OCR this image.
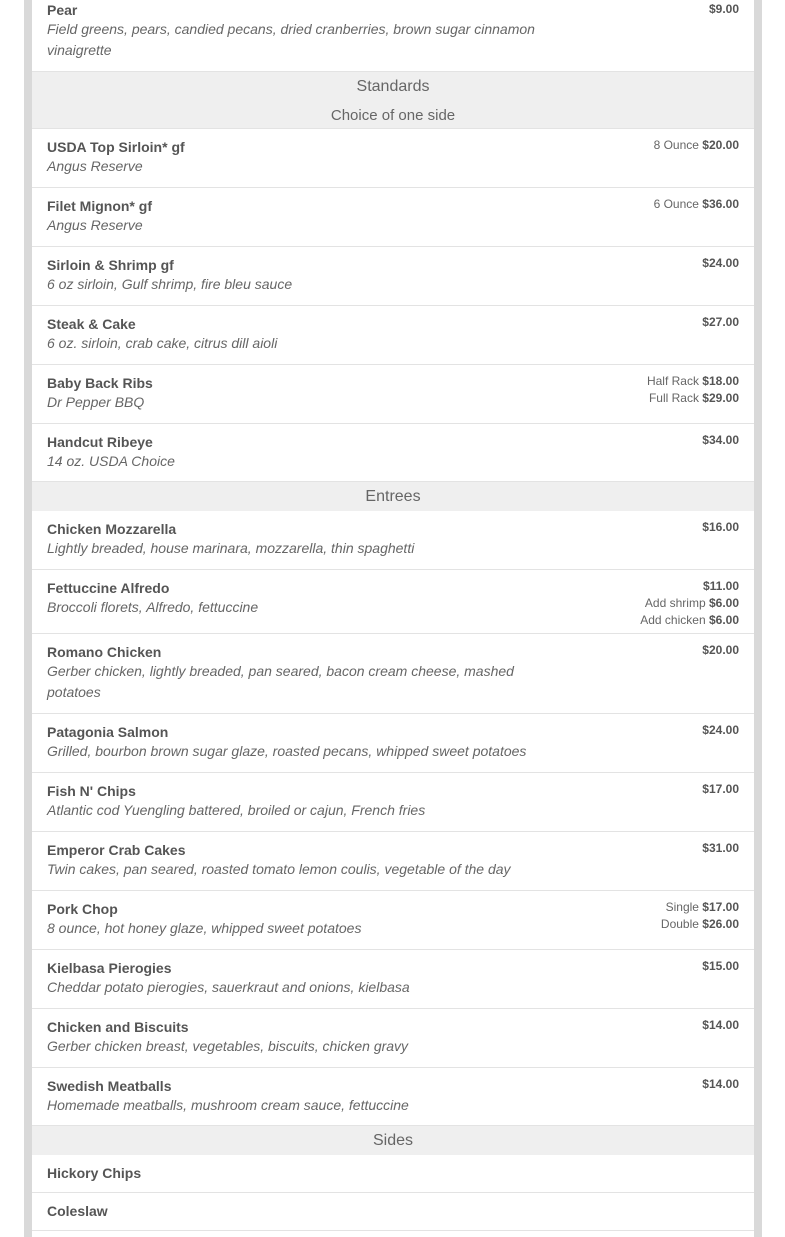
Pear
Field greens, pears, candied pecans, dried cranberries, brown sugar cinnamon vinaigrette
$9.00
Standards
Choice of one side
USDA Top Sirloin* gf
Angus Reserve
8 Ounce $20.00
Filet Mignon* gf
Angus Reserve
6 Ounce $36.00
Sirloin & Shrimp gf
6 oz sirloin, Gulf shrimp, fire bleu sauce
$24.00
Steak & Cake
6 oz. sirloin, crab cake, citrus dill aioli
$27.00
Baby Back Ribs
Dr Pepper BBQ
Half Rack $18.00
Full Rack $29.00
Handcut Ribeye
14 oz. USDA Choice
$34.00
Entrees
Chicken Mozzarella
Lightly breaded, house marinara, mozzarella, thin spaghetti
$16.00
Fettuccine Alfredo
Broccoli florets, Alfredo, fettuccine
$11.00
Add shrimp $6.00
Add chicken $6.00
Romano Chicken
Gerber chicken, lightly breaded, pan seared, bacon cream cheese, mashed potatoes
$20.00
Patagonia Salmon
Grilled, bourbon brown sugar glaze, roasted pecans, whipped sweet potatoes
$24.00
Fish N' Chips
Atlantic cod Yuengling battered, broiled or cajun, French fries
$17.00
Emperor Crab Cakes
Twin cakes, pan seared, roasted tomato lemon coulis, vegetable of the day
$31.00
Pork Chop
8 ounce, hot honey glaze, whipped sweet potatoes
Single $17.00
Double $26.00
Kielbasa Pierogies
Cheddar potato pierogies, sauerkraut and onions, kielbasa
$15.00
Chicken and Biscuits
Gerber chicken breast, vegetables, biscuits, chicken gravy
$14.00
Swedish Meatballs
Homemade meatballs, mushroom cream sauce, fettuccine
$14.00
Sides
Hickory Chips
Coleslaw
